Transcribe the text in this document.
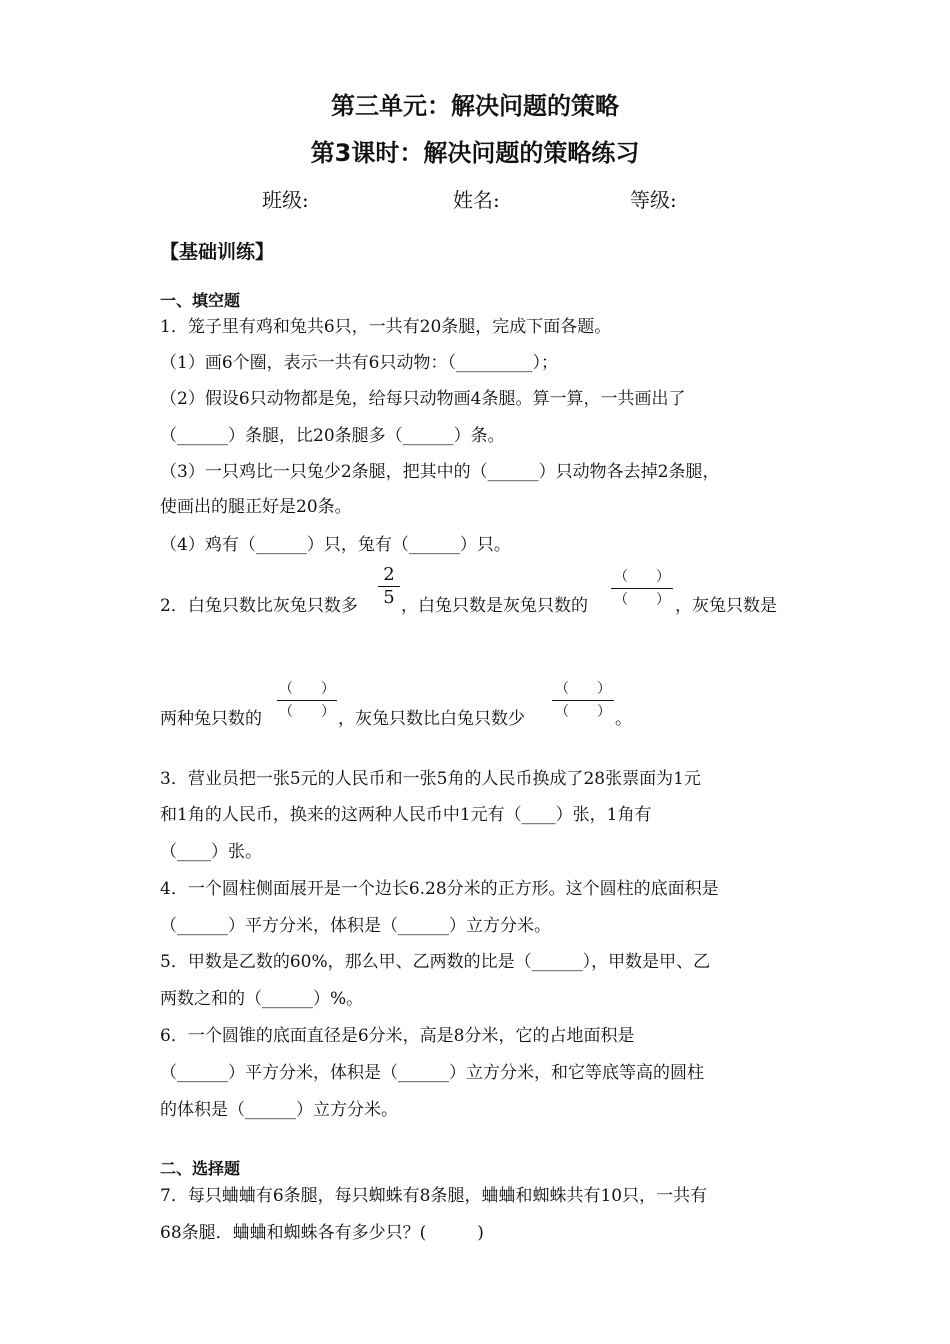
第三单元：解决问题的策略
第3课时：解决问题的策略练习
班级:	姓名:	等级:
【基础训练】
一、填空题
1．笼子里有鸡和兔共6只，一共有20条腿，完成下面各题。
（1）画6个圈，表示一共有6只动物：（_________）；
（2）假设6只动物都是兔，给每只动物画4条腿。算一算，一共画出了
（______）条腿，比20条腿多（______）条。
（3）一只鸡比一只兔少2条腿，把其中的（______）只动物各去掉2条腿，
使画出的腿正好是20条。
（4）鸡有（______）只，兔有（______）只。
2．白兔只数比灰兔只数多
2
5 ，白兔只数是灰兔只数的
（　　）
（　　） ，灰兔只数是
两种兔只数的
（　　）
（　　） ，灰兔只数比白兔只数少
（　　）
（　　） 。
3．营业员把一张5元的人民币和一张5角的人民币换成了28张票面为1元
和1角的人民币，换来的这两种人民币中1元有（____）张，1角有
（____）张。
4．一个圆柱侧面展开是一个边长6.28分米的正方形。这个圆柱的底面积是
（______）平方分米，体积是（______）立方分米。
5．甲数是乙数的60%，那么甲、乙两数的比是（______），甲数是甲、乙
两数之和的（______）%。
6．一个圆锥的底面直径是6分米，高是8分米，它的占地面积是
（______）平方分米，体积是（______）立方分米，和它等底等高的圆柱
的体积是（______）立方分米。
二、选择题
7．每只蛐蛐有6条腿，每只蜘蛛有8条腿，蛐蛐和蜘蛛共有10只，一共有
68条腿．蛐蛐和蜘蛛各有多少只？(　　　)
